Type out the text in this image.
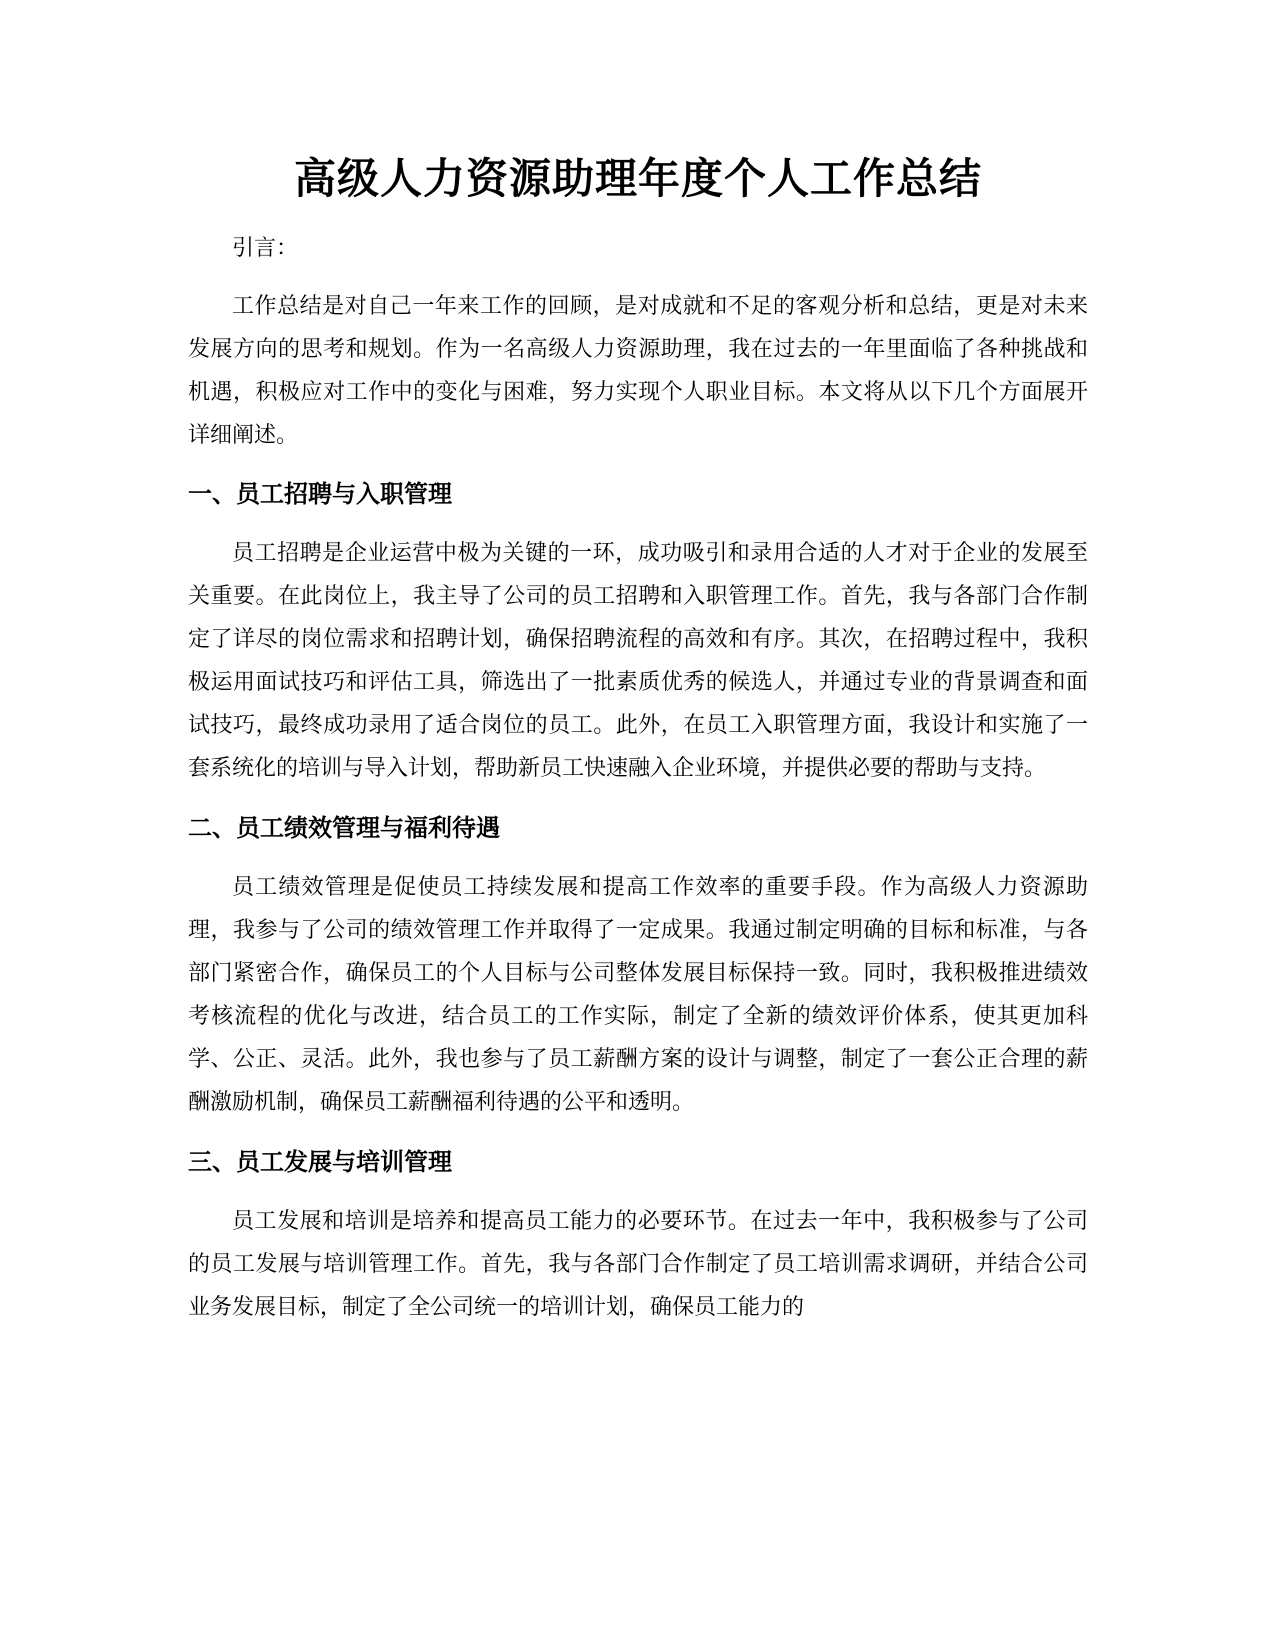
高级人力资源助理年度个人工作总结

引言：

工作总结是对自己一年来工作的回顾，是对成就和不足的客观分析和总结，更是对未来发展方向的思考和规划。作为一名高级人力资源助理，我在过去的一年里面临了各种挑战和机遇，积极应对工作中的变化与困难，努力实现个人职业目标。本文将从以下几个方面展开详细阐述。

一、员工招聘与入职管理

员工招聘是企业运营中极为关键的一环，成功吸引和录用合适的人才对于企业的发展至关重要。在此岗位上，我主导了公司的员工招聘和入职管理工作。首先，我与各部门合作制定了详尽的岗位需求和招聘计划，确保招聘流程的高效和有序。其次，在招聘过程中，我积极运用面试技巧和评估工具，筛选出了一批素质优秀的候选人，并通过专业的背景调查和面试技巧，最终成功录用了适合岗位的员工。此外，在员工入职管理方面，我设计和实施了一套系统化的培训与导入计划，帮助新员工快速融入企业环境，并提供必要的帮助与支持。

二、员工绩效管理与福利待遇

员工绩效管理是促使员工持续发展和提高工作效率的重要手段。作为高级人力资源助理，我参与了公司的绩效管理工作并取得了一定成果。我通过制定明确的目标和标准，与各部门紧密合作，确保员工的个人目标与公司整体发展目标保持一致。同时，我积极推进绩效考核流程的优化与改进，结合员工的工作实际，制定了全新的绩效评价体系，使其更加科学、公正、灵活。此外，我也参与了员工薪酬方案的设计与调整，制定了一套公正合理的薪酬激励机制，确保员工薪酬福利待遇的公平和透明。

三、员工发展与培训管理

员工发展和培训是培养和提高员工能力的必要环节。在过去一年中，我积极参与了公司的员工发展与培训管理工作。首先，我与各部门合作制定了员工培训需求调研，并结合公司业务发展目标，制定了全公司统一的培训计划，确保员工能力的
